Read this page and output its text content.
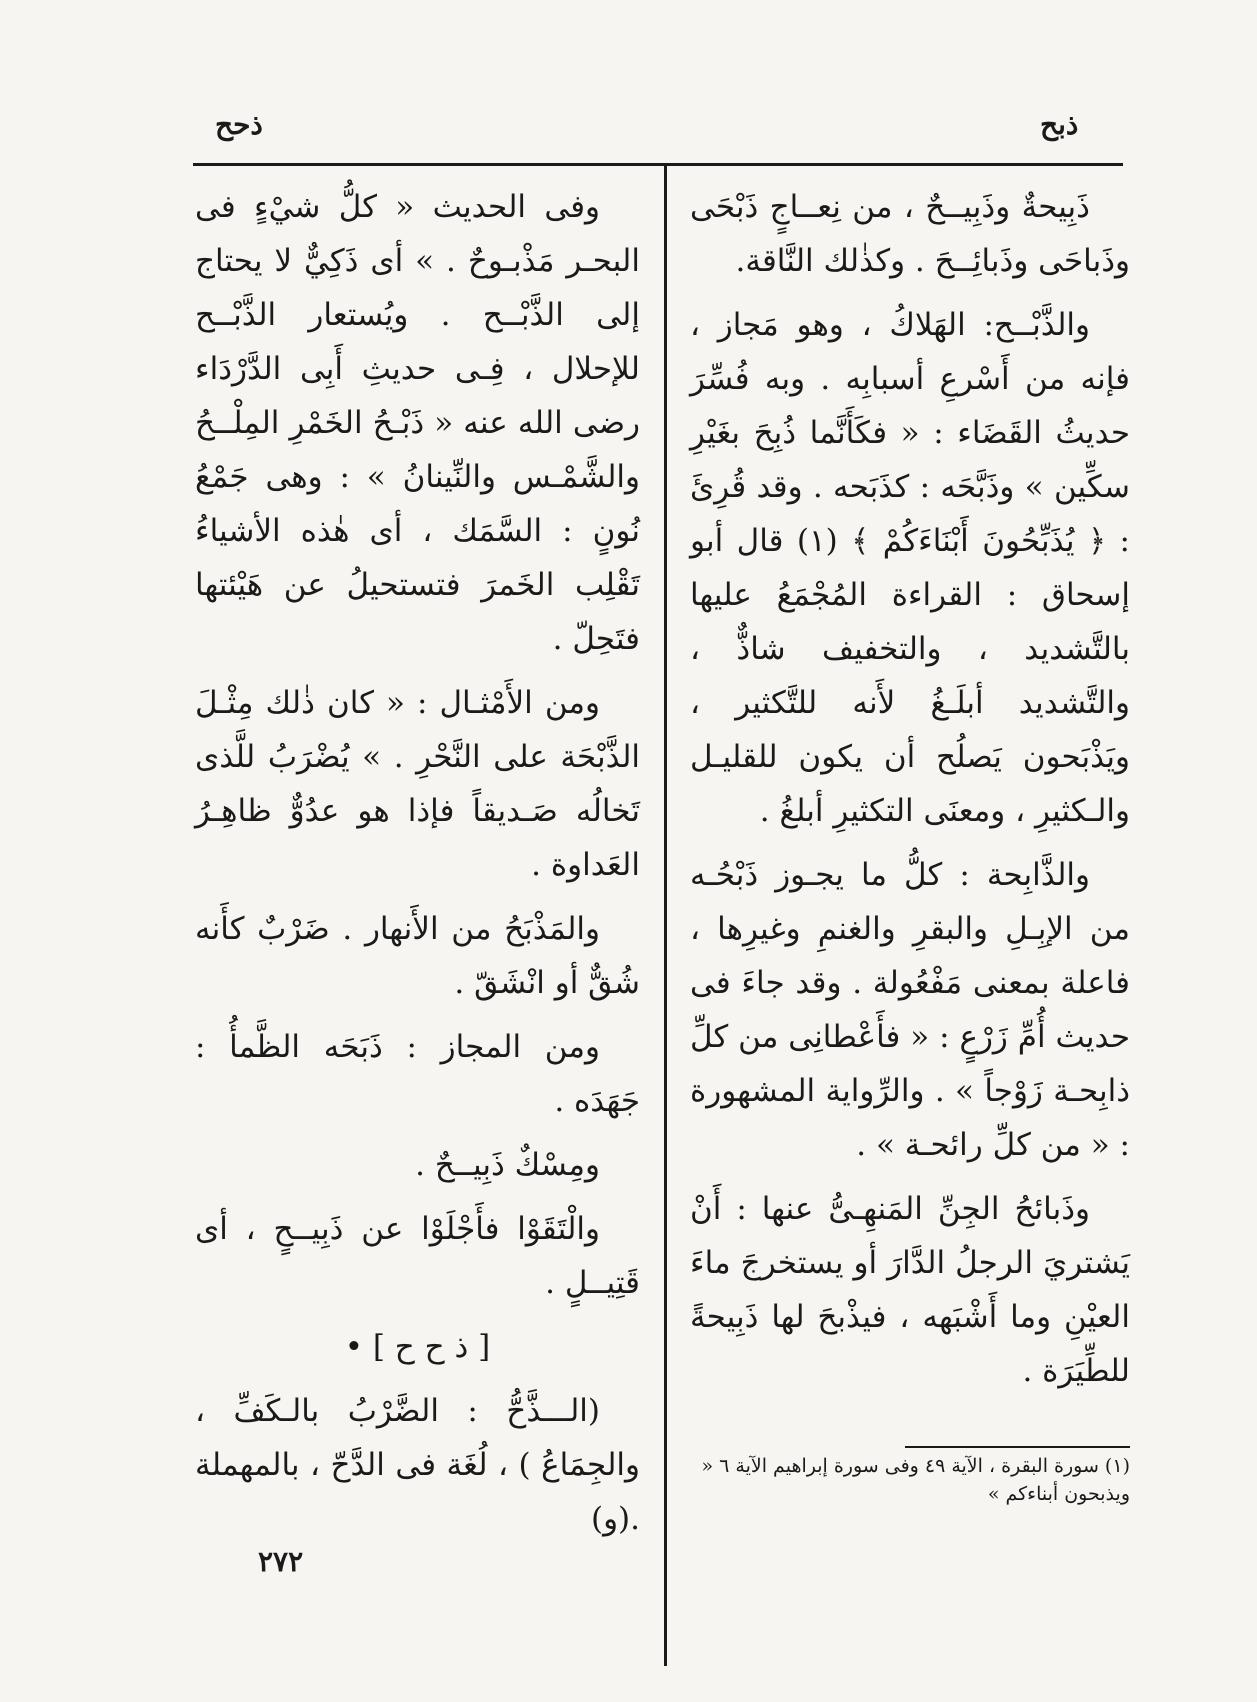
ذبح
ذحح

ذَبِيحةٌ وذَبِيــحٌ ، من نِعــاجٍ ذَبْحَى وذَباحَى وذَبائِــحَ . وكذٰلك النَّاقة.

والذَّبْــح: الهَلاكُ ، وهو مَجاز ، فإنه من أَسْرعِ أسبابِه . وبه فُسِّرَ حديثُ القَضَاء : « فكَأَنَّما ذُبِحَ بغَيْرِ سكِّين » وذَبَّحَه : كذَبَحه . وقد قُرِئَ : ﴿ يُذَبِّحُونَ أَبْنَاءَكُمْ ﴾ (١) قال أبو إسحاق : القراءة المُجْمَعُ عليها بالتَّشديد ، والتخفيف شاذٌّ ، والتَّشديد أبلَـغُ لأَنه للتَّكثير ، ويَذْبَحون يَصلُح أن يكون للقليـل والـكثيرِ ، ومعنَى التكثيرِ أبلغُ .

والذَّابِحة : كلُّ ما يجـوز ذَبْحُـه من الإبِـلِ والبقرِ والغنمِ وغيرِها ، فاعلة بمعنى مَفْعُولة . وقد جاءَ فى حديث أُمِّ زَرْعٍ : « فأَعْطانِى من كلِّ ذابِحـة زَوْجاً » . والرِّواية المشهورة : « من كلِّ رائحـة » .

وذَبائحُ الجِنِّ المَنهِـىُّ عنها : أَنْ يَشتريَ الرجلُ الدَّارَ أو يستخرجَ ماءَ العيْنِ وما أَشْبَهه ، فيذْبحَ لها ذَبِيحةً للطِّيَرَة .

وفى الحديث « كلُّ شيْءٍ فى البحـر مَذْبـوحٌ . » أى ذَكِيٌّ لا يحتاج إلى الذَّبْــح . ويُستعار الذَّبْــح للإحلال ، فِـى حديثِ أَبِى الدَّرْدَاء رضى الله عنه « ذَبْـحُ الخَمْرِ المِلْــحُ والشَّمْـس والنِّينانُ » : وهى جَمْعُ نُونٍ : السَّمَك ، أى هٰذه الأشياءُ تَقْلِب الخَمرَ فتستحيلُ عن هَيْئتها فتَحِلّ .

ومن الأَمْثـال : « كان ذٰلك مِثْـلَ الذَّبْحَة على النَّحْرِ . » يُضْرَبُ للَّذى تَخالُه صَـديقاً فإذا هو عدُوٌّ ظاهِـرُ العَداوة .

والمَذْبَحُ من الأَنهار . ضَرْبٌ كأَنه شُقٌّ أو انْشَقّ .

ومن المجاز : ذَبَحَه الظَّمأُ : جَهَدَه .

ومِسْكٌ ذَبِيــحٌ .

والْتَقَوْا فأَجْلَوْا عن ذَبِيــحٍ ، أى قَتِيــلٍ .

[ ذ ح ح ] •

(الـــذَّحُّ : الضَّرْبُ بالـكَفِّ ، والجِمَاعُ ) ، لُغَة فى الدَّحّ ، بالمهملة .(و)

(١) سورة البقرة ، الآية ٤٩ وفى سورة إبراهيم الآية ٦ « ويذبحون أبناءكم »
٢٧٢
